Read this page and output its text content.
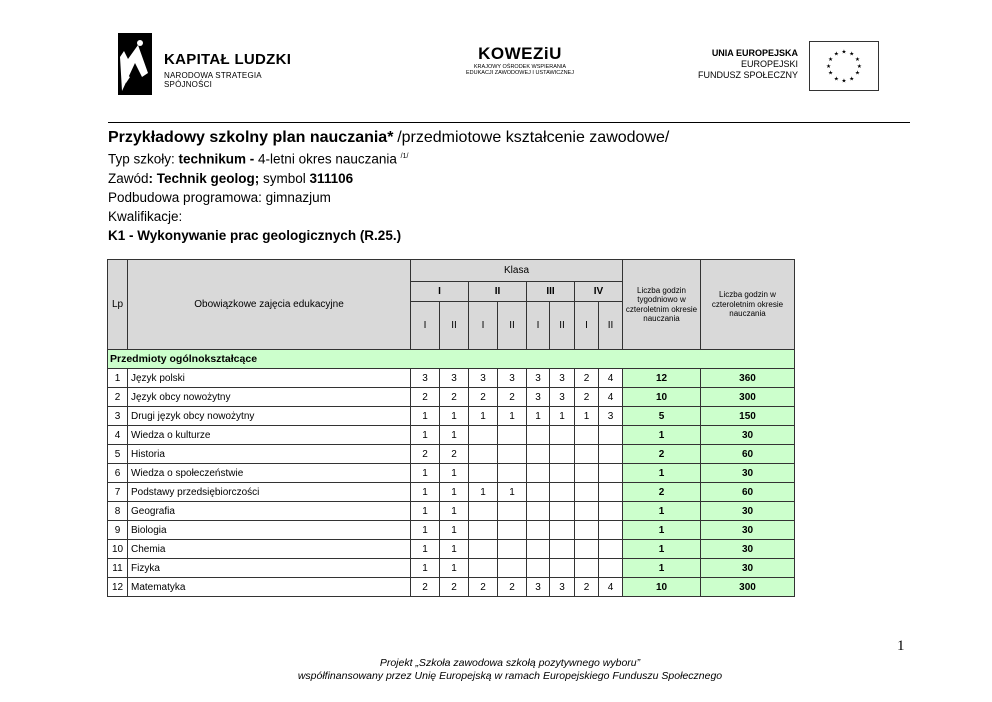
KAPITAŁ LUDZKI
NARODOWA STRATEGIA SPÓJNOŚCI
KOWEZiU
KRAJOWY OŚRODEK WSPIERANIA
EDUKACJI ZAWODOWEJ I USTAWICZNEJ
UNIA EUROPEJSKA
EUROPEJSKI
FUNDUSZ SPOŁECZNY
★ ★
★
★
★
★
★
★
★
★
★
★
Przykładowy szkolny plan nauczania* /przedmiotowe kształcenie zawodowe/
Typ szkoły: technikum - 4-letni okres nauczania $^{/1/}$
Zawód: Technik geolog; symbol 311106
Podbudowa programowa: gimnazjum
Kwalifikacje:
K1 - Wykonywanie prac geologicznych (R.25.)
Lp	Obowiązkowe zajęcia edukacyjne	Klasa								Liczba godzin tygodniowo w czteroletnim okresie nauczania	Liczba godzin w czteroletnim okresie nauczania
		I		II		III		IV			
		I	II	I	II	I	II	I	II		
Przedmioty ogólnokształcące											
1	Język polski	3	3	3	3	3	3	2	4	12	360
2	Język obcy nowożytny	2	2	2	2	3	3	2	4	10	300
3	Drugi język obcy nowożytny	1	1	1	1	1	1	1	3	5	150
4	Wiedza o kulturze	1	1							1	30
5	Historia	2	2							2	60
6	Wiedza o społeczeństwie	1	1							1	30
7	Podstawy przedsiębiorczości	1	1	1	1					2	60
8	Geografia	1	1							1	30
9	Biologia	1	1							1	30
10	Chemia	1	1							1	30
11	Fizyka	1	1							1	30
12	Matematyka	2	2	2	2	3	3	2	4	10	300
1
Projekt „Szkoła zawodowa szkołą pozytywnego wyboru”
współfinansowany przez Unię Europejską w ramach Europejskiego Funduszu Społecznego
